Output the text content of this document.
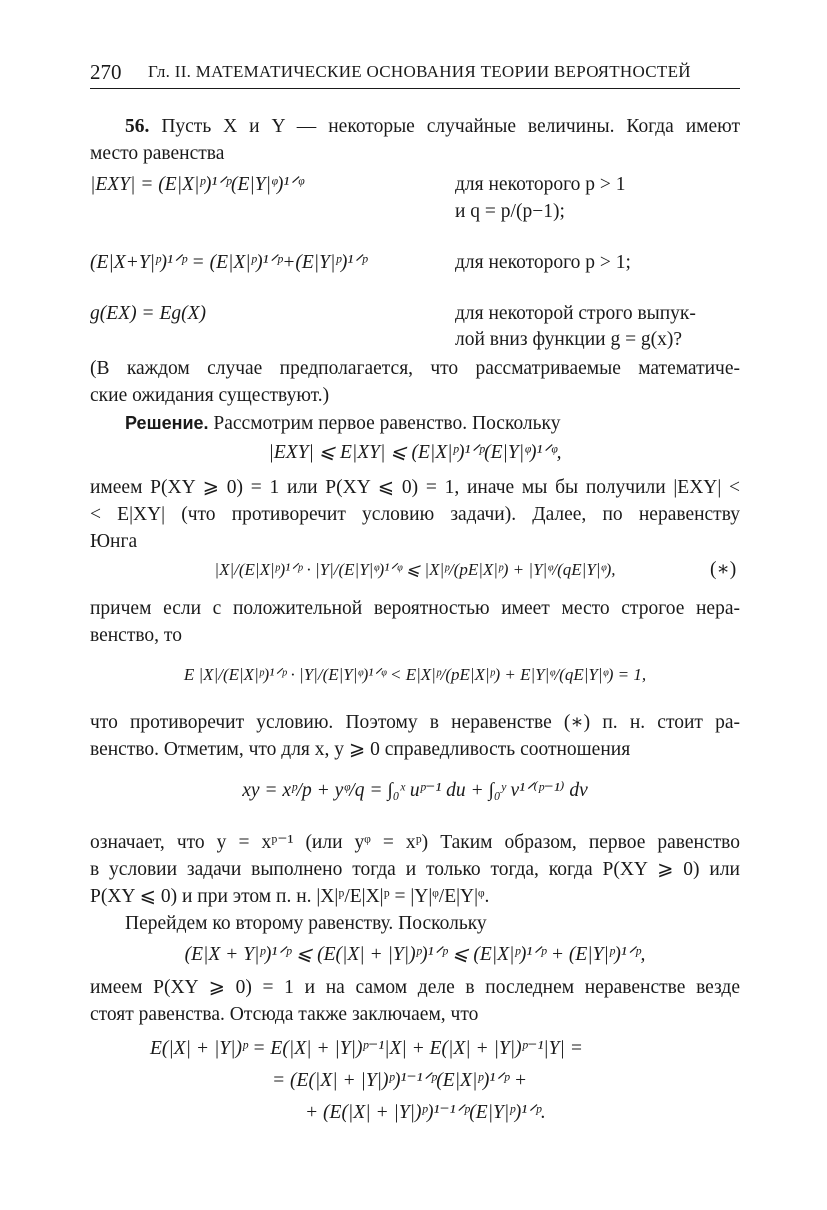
270 Гл. II. МАТЕМАТИЧЕСКИЕ ОСНОВАНИЯ ТЕОРИИ ВЕРОЯТНОСТЕЙ
56. Пусть X и Y — некоторые случайные величины. Когда имеют
место равенства
|EXY| = (E|X|ᵖ)¹ᐟᵖ(E|Y|ᵠ)¹ᐟᵠ	для некоторого p > 1
и q = p/(p−1);
(E|X+Y|ᵖ)¹ᐟᵖ = (E|X|ᵖ)¹ᐟᵖ+(E|Y|ᵖ)¹ᐟᵖ	для некоторого p > 1;
g(EX) = Eg(X)	для некоторой строго выпук-
лой вниз функции g = g(x)?
(В каждом случае предполагается, что рассматриваемые математиче-
ские ожидания существуют.)
Решение. Рассмотрим первое равенство. Поскольку
|EXY| ⩽ E|XY| ⩽ (E|X|ᵖ)¹ᐟᵖ(E|Y|ᵠ)¹ᐟᵠ,
имеем P(XY ⩾ 0) = 1 или P(XY ⩽ 0) = 1, иначе мы бы получили |EXY| <
< E|XY| (что противоречит условию задачи). Далее, по неравенству
Юнга
|X|/(E|X|ᵖ)¹ᐟᵖ · |Y|/(E|Y|ᵠ)¹ᐟᵠ ⩽ |X|ᵖ/(pE|X|ᵖ) + |Y|ᵠ/(qE|Y|ᵠ),	(∗)
причем если с положительной вероятностью имеет место строгое нера-
венство, то
E |X|/(E|X|ᵖ)¹ᐟᵖ · |Y|/(E|Y|ᵠ)¹ᐟᵠ < E|X|ᵖ/(pE|X|ᵖ) + E|Y|ᵠ/(qE|Y|ᵠ) = 1,
что противоречит условию. Поэтому в неравенстве (∗) п. н. стоит ра-
венство. Отметим, что для x, y ⩾ 0 справедливость соотношения
xy = xᵖ/p + yᵠ/q = ∫₀ˣ uᵖ⁻¹ du + ∫₀ʸ v¹ᐟ⁽ᵖ⁻¹⁾ dv
означает, что y = xᵖ⁻¹ (или yᵠ = xᵖ) Таким образом, первое равенство
в условии задачи выполнено тогда и только тогда, когда P(XY ⩾ 0) или
P(XY ⩽ 0) и при этом п. н. |X|ᵖ/E|X|ᵖ = |Y|ᵠ/E|Y|ᵠ.
Перейдем ко второму равенству. Поскольку
(E|X + Y|ᵖ)¹ᐟᵖ ⩽ (E(|X| + |Y|)ᵖ)¹ᐟᵖ ⩽ (E|X|ᵖ)¹ᐟᵖ + (E|Y|ᵖ)¹ᐟᵖ,
имеем P(XY ⩾ 0) = 1 и на самом деле в последнем неравенстве везде
стоят равенства. Отсюда также заключаем, что
E(|X| + |Y|)ᵖ = E(|X| + |Y|)ᵖ⁻¹|X| + E(|X| + |Y|)ᵖ⁻¹|Y| =
= (E(|X| + |Y|)ᵖ)¹⁻¹ᐟᵖ(E|X|ᵖ)¹ᐟᵖ +
+ (E(|X| + |Y|)ᵖ)¹⁻¹ᐟᵖ(E|Y|ᵖ)¹ᐟᵖ.
